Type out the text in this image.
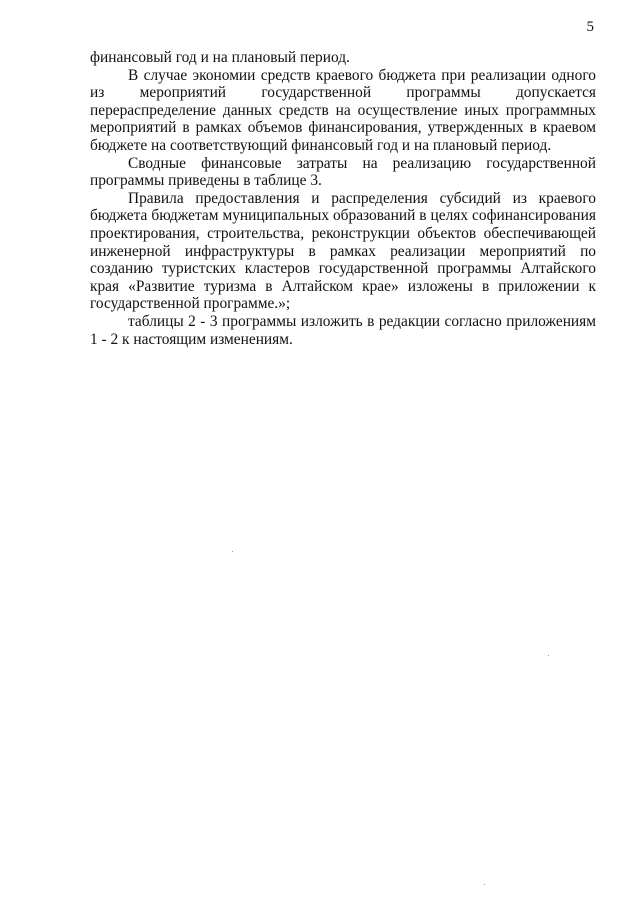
5

финансовый год и на плановый период.

В случае экономии средств краевого бюджета при реализации одного из мероприятий государственной программы допускается перераспределение данных средств на осуществление иных программных мероприятий в рамках объемов финансирования, утвержденных в краевом бюджете на соответствующий финансовый год и на плановый период.

Сводные финансовые затраты на реализацию государственной программы приведены в таблице 3.

Правила предоставления и распределения субсидий из краевого бюджета бюджетам муниципальных образований в целях софинансирования проектирования, строительства, реконструкции объектов обеспечивающей инженерной инфраструктуры в рамках реализации мероприятий по созданию туристских кластеров государственной программы Алтайского края «Развитие туризма в Алтайском крае» изложены в приложении к государственной программе.»;

таблицы 2 - 3 программы изложить в редакции согласно приложениям 1 - 2 к настоящим изменениям.
